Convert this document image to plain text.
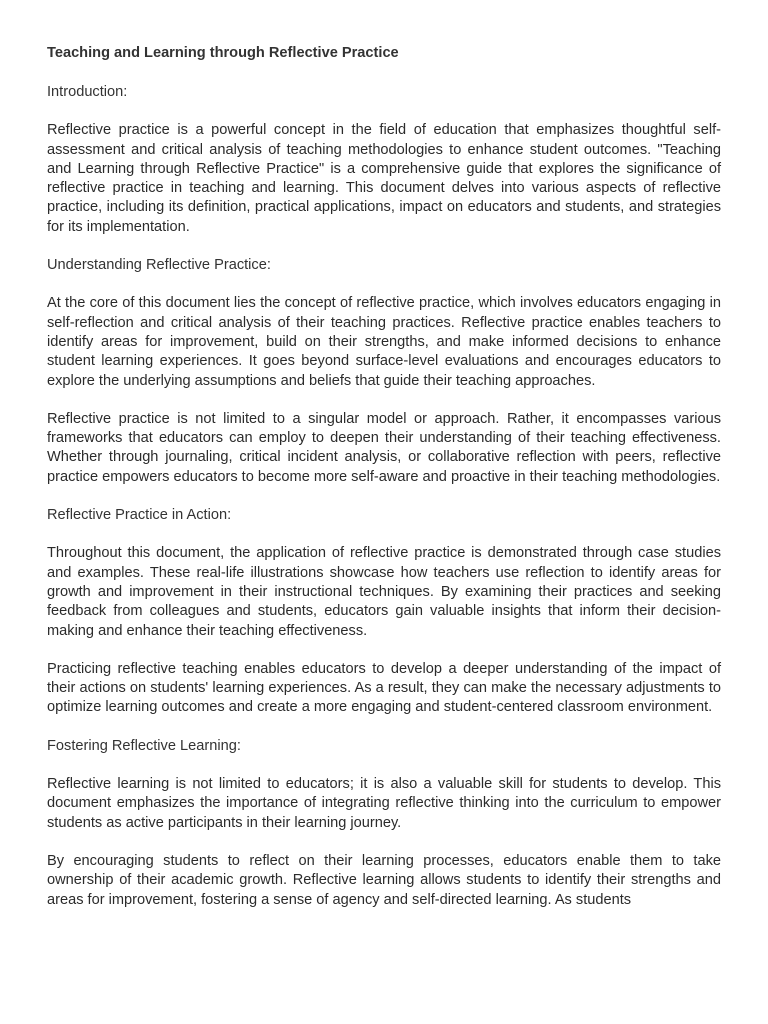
Teaching and Learning through Reflective Practice
Introduction:

Reflective practice is a powerful concept in the field of education that emphasizes thoughtful self-assessment and critical analysis of teaching methodologies to enhance student outcomes. "Teaching and Learning through Reflective Practice" is a comprehensive guide that explores the significance of reflective practice in teaching and learning. This document delves into various aspects of reflective practice, including its definition, practical applications, impact on educators and students, and strategies for its implementation.

Understanding Reflective Practice:

At the core of this document lies the concept of reflective practice, which involves educators engaging in self-reflection and critical analysis of their teaching practices. Reflective practice enables teachers to identify areas for improvement, build on their strengths, and make informed decisions to enhance student learning experiences. It goes beyond surface-level evaluations and encourages educators to explore the underlying assumptions and beliefs that guide their teaching approaches.

Reflective practice is not limited to a singular model or approach. Rather, it encompasses various frameworks that educators can employ to deepen their understanding of their teaching effectiveness. Whether through journaling, critical incident analysis, or collaborative reflection with peers, reflective practice empowers educators to become more self-aware and proactive in their teaching methodologies.

Reflective Practice in Action:

Throughout this document, the application of reflective practice is demonstrated through case studies and examples. These real-life illustrations showcase how teachers use reflection to identify areas for growth and improvement in their instructional techniques. By examining their practices and seeking feedback from colleagues and students, educators gain valuable insights that inform their decision-making and enhance their teaching effectiveness.

Practicing reflective teaching enables educators to develop a deeper understanding of the impact of their actions on students' learning experiences. As a result, they can make the necessary adjustments to optimize learning outcomes and create a more engaging and student-centered classroom environment.

Fostering Reflective Learning:

Reflective learning is not limited to educators; it is also a valuable skill for students to develop. This document emphasizes the importance of integrating reflective thinking into the curriculum to empower students as active participants in their learning journey.

By encouraging students to reflect on their learning processes, educators enable them to take ownership of their academic growth. Reflective learning allows students to identify their strengths and areas for improvement, fostering a sense of agency and self-directed learning. As students
